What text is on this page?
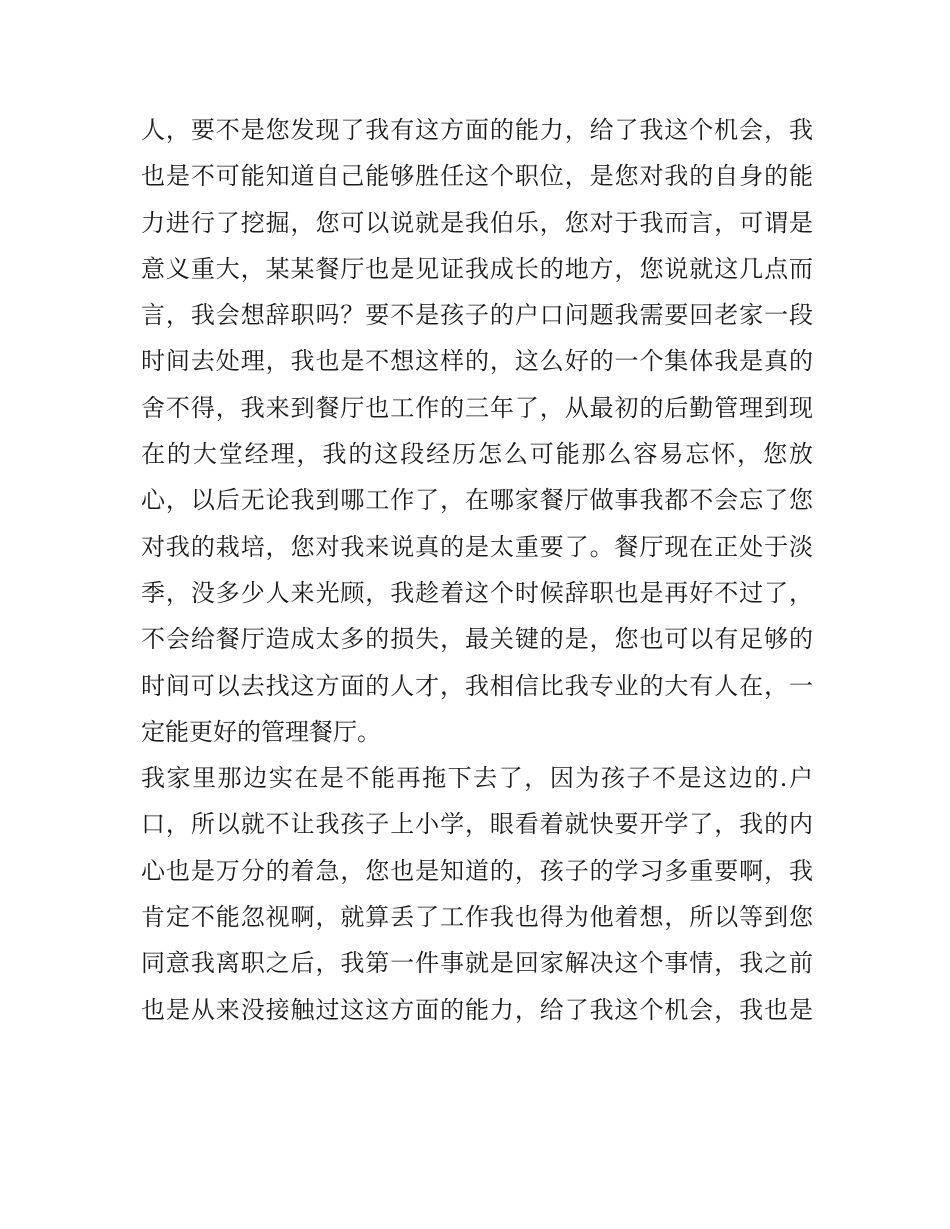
人，要不是您发现了我有这方面的能力，给了我这个机会，我
也是不可能知道自己能够胜任这个职位，是您对我的自身的能
力进行了挖掘，您可以说就是我伯乐，您对于我而言，可谓是
意义重大，某某餐厅也是见证我成长的地方，您说就这几点而
言，我会想辞职吗？要不是孩子的户口问题我需要回老家一段
时间去处理，我也是不想这样的，这么好的一个集体我是真的
舍不得，我来到餐厅也工作的三年了，从最初的后勤管理到现
在的大堂经理，我的这段经历怎么可能那么容易忘怀，您放
心，以后无论我到哪工作了，在哪家餐厅做事我都不会忘了您
对我的栽培，您对我来说真的是太重要了。餐厅现在正处于淡
季，没多少人来光顾，我趁着这个时候辞职也是再好不过了，
不会给餐厅造成太多的损失，最关键的是，您也可以有足够的
时间可以去找这方面的人才，我相信比我专业的大有人在，一
定能更好的管理餐厅。
我家里那边实在是不能再拖下去了，因为孩子不是这边的.户
口，所以就不让我孩子上小学，眼看着就快要开学了，我的内
心也是万分的着急，您也是知道的，孩子的学习多重要啊，我
肯定不能忽视啊，就算丢了工作我也得为他着想，所以等到您
同意我离职之后，我第一件事就是回家解决这个事情，我之前
也是从来没接触过这这方面的能力，给了我这个机会，我也是
